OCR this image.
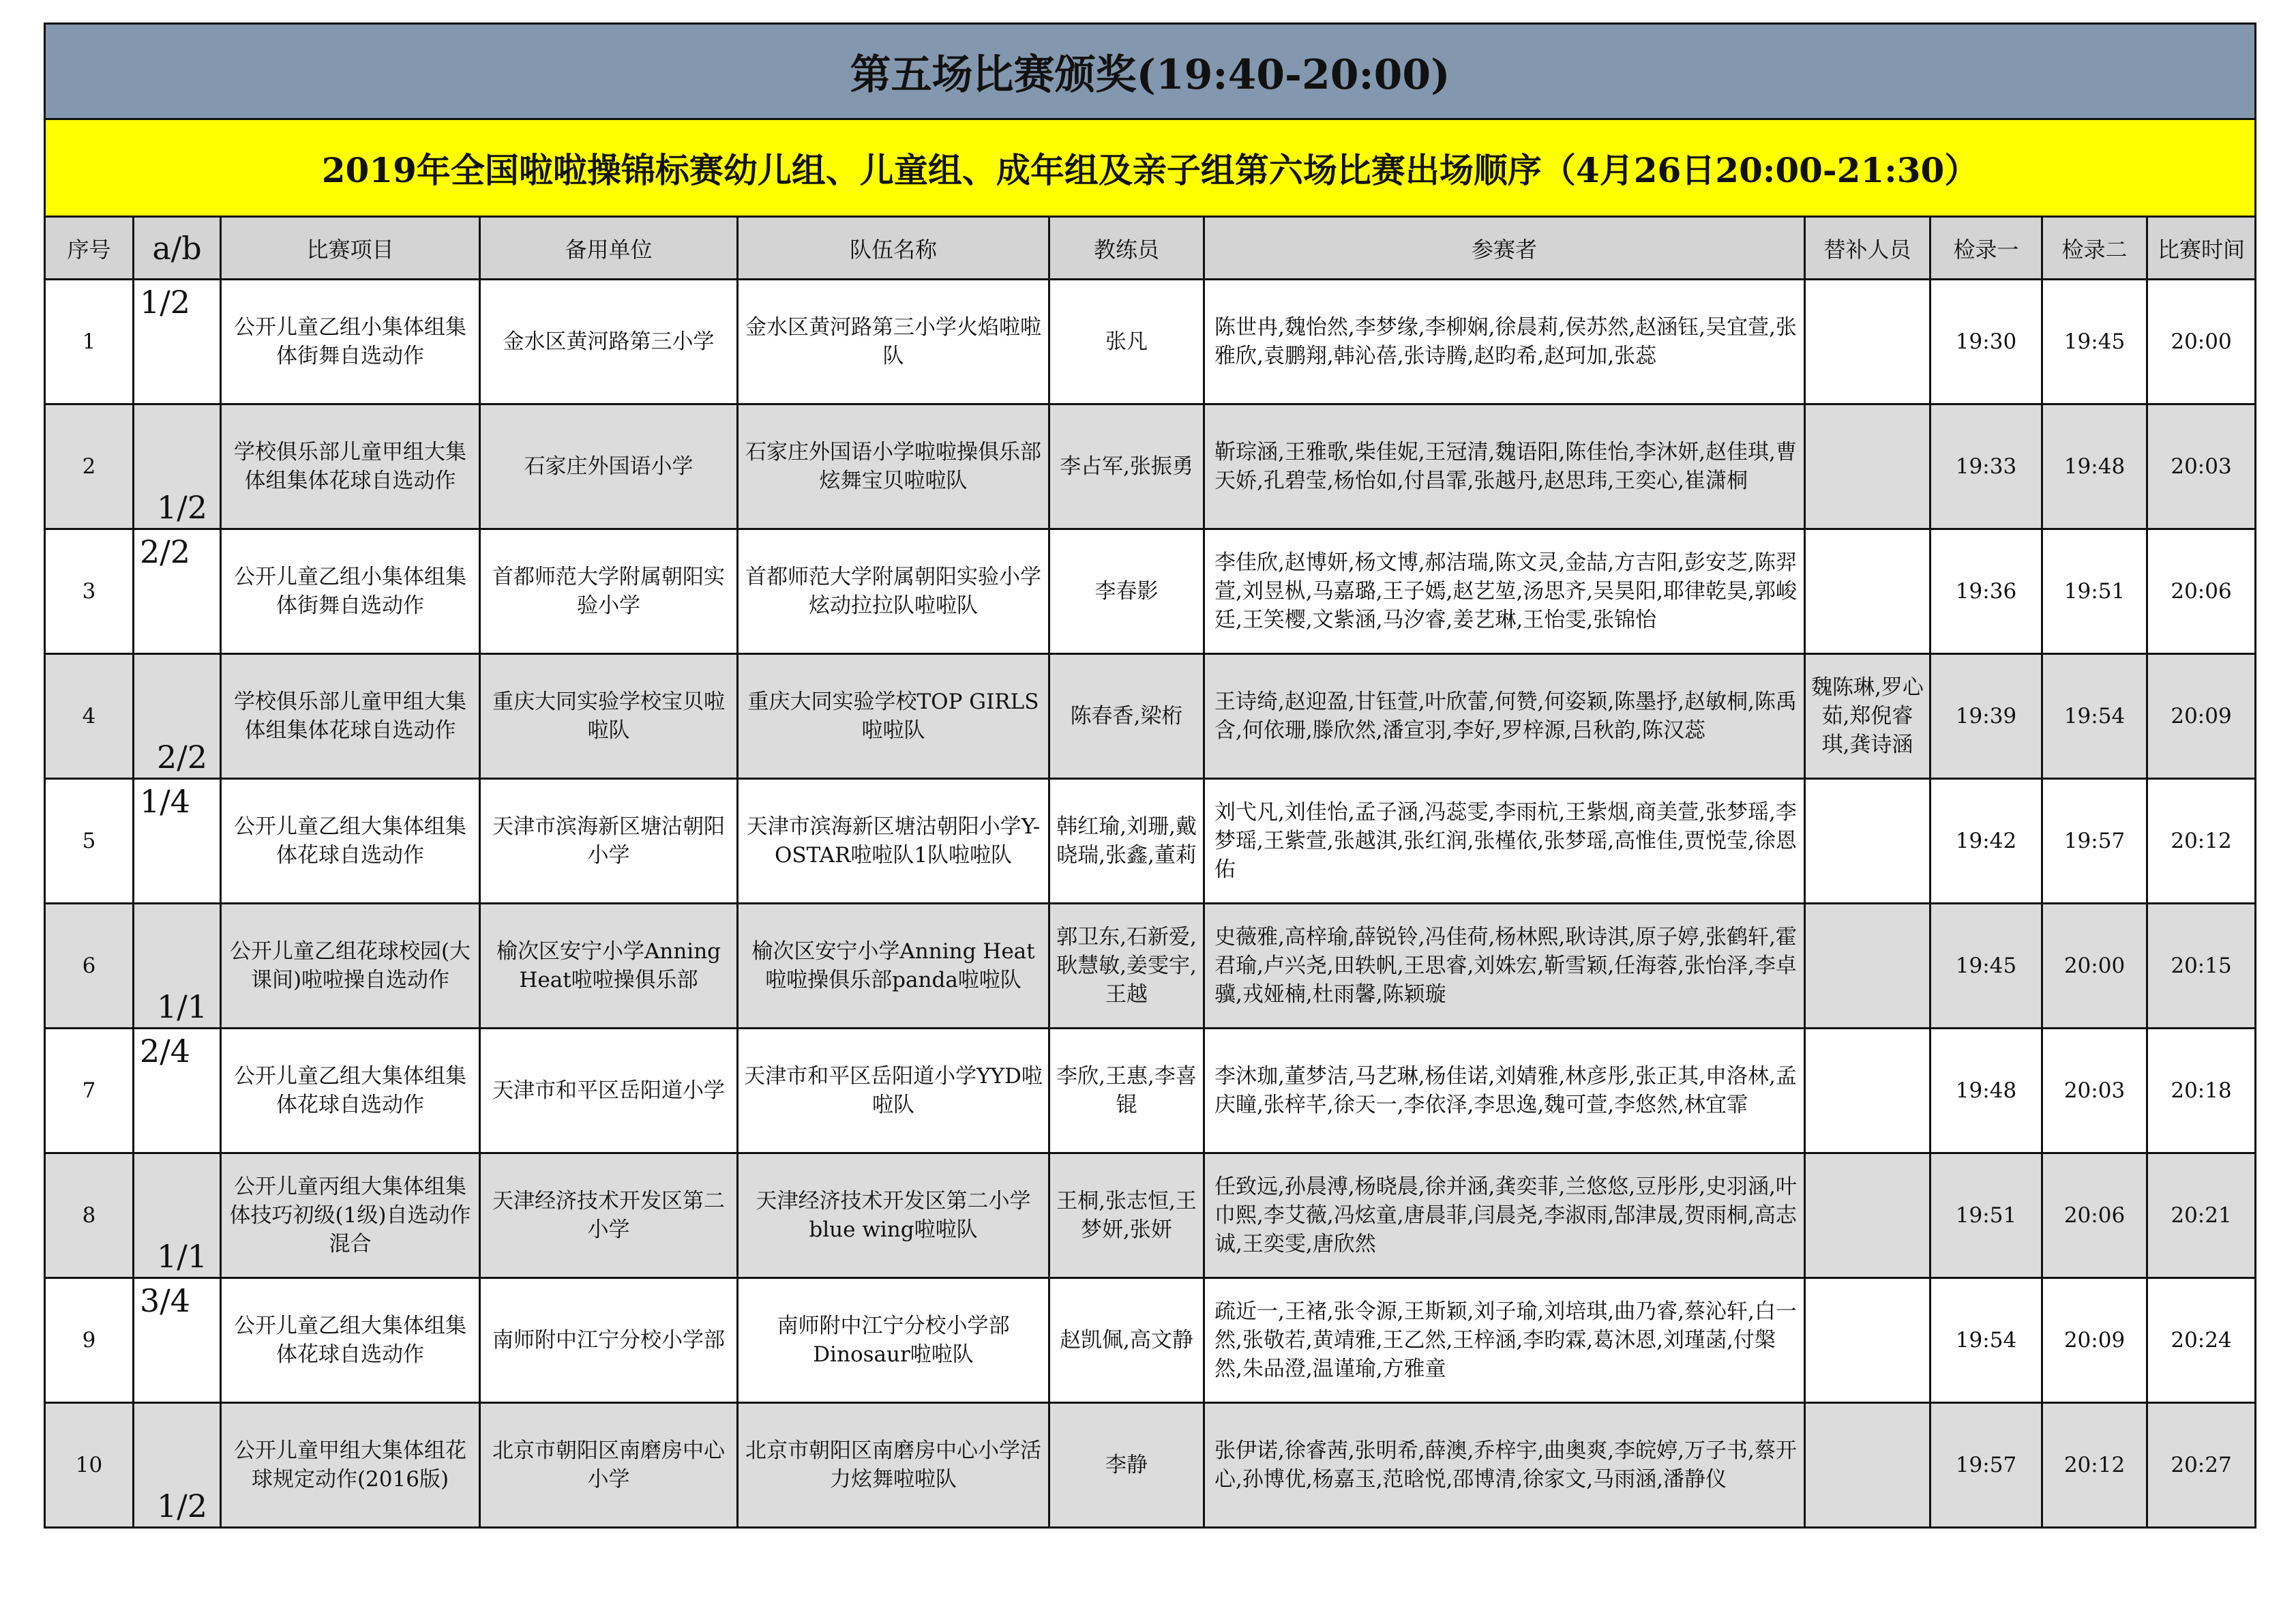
第五场比赛颁奖(19:40-20:00)										
2019年全国啦啦操锦标赛幼儿组、儿童组、成年组及亲子组第六场比赛出场顺序（4月26日20:00-21:30）										
序号	a/b	比赛项目	备用单位	队伍名称	教练员	参赛者	替补人员	检录一	检录二	比赛时间
1	1/2	公开儿童乙组小集体组集体街舞自选动作	金水区黄河路第三小学	金水区黄河路第三小学火焰啦啦队	张凡	陈世冉,魏怡然,李梦缘,李柳娴,徐晨莉,侯苏然,赵涵钰,吴宜萱,张雅欣,袁鹏翔,韩沁蓓,张诗腾,赵昀希,赵珂加,张蕊		19:30	19:45	20:00
2	1/2	学校俱乐部儿童甲组大集体组集体花球自选动作	石家庄外国语小学	石家庄外国语小学啦啦操俱乐部炫舞宝贝啦啦队	李占军,张振勇	靳琮涵,王雅歌,柴佳妮,王冠清,魏语阳,陈佳怡,李沐妍,赵佳琪,曹天娇,孔碧莹,杨怡如,付昌霏,张越丹,赵思玮,王奕心,崔潇桐		19:33	19:48	20:03
3	2/2	公开儿童乙组小集体组集体街舞自选动作	首都师范大学附属朝阳实验小学	首都师范大学附属朝阳实验小学炫动拉拉队啦啦队	李春影	李佳欣,赵博妍,杨文博,郝洁瑞,陈文灵,金喆,方吉阳,彭安芝,陈羿萱,刘昱枞,马嘉璐,王子嫣,赵艺堃,汤思齐,吴昊阳,耶律乾昊,郭峻廷,王笑樱,文紫涵,马汐睿,姜艺琳,王怡雯,张锦怡		19:36	19:51	20:06
4	2/2	学校俱乐部儿童甲组大集体组集体花球自选动作	重庆大同实验学校宝贝啦啦队	重庆大同实验学校TOP GIRLS啦啦队	陈春香,梁桁	王诗绮,赵迎盈,甘钰萱,叶欣蕾,何赞,何姿颖,陈墨抒,赵敏桐,陈禹含,何依珊,滕欣然,潘宣羽,李好,罗梓源,吕秋韵,陈汉蕊	魏陈琳,罗心茹,郑倪睿琪,龚诗涵	19:39	19:54	20:09
5	1/4	公开儿童乙组大集体组集体花球自选动作	天津市滨海新区塘沽朝阳小学	天津市滨海新区塘沽朝阳小学Y-OSTAR啦啦队1队啦啦队	韩红瑜,刘珊,戴晓瑞,张鑫,董莉	刘弋凡,刘佳怡,孟子涵,冯蕊雯,李雨杭,王紫烟,商美萱,张梦瑶,李梦瑶,王紫萱,张越淇,张红润,张槿依,张梦瑶,高惟佳,贾悦莹,徐恩佑		19:42	19:57	20:12
6	1/1	公开儿童乙组花球校园(大课间)啦啦操自选动作	榆次区安宁小学Anning Heat啦啦操俱乐部	榆次区安宁小学Anning Heat啦啦操俱乐部panda啦啦队	郭卫东,石新爱,耿慧敏,姜雯宇,王越	史薇雅,高梓瑜,薛锐铃,冯佳荷,杨林熙,耿诗淇,原子婷,张鹤轩,霍君瑜,卢兴尧,田轶帆,王思睿,刘姝宏,靳雪颖,任海蓉,张怡泽,李卓骥,戎娅楠,杜雨馨,陈颖璇		19:45	20:00	20:15
7	2/4	公开儿童乙组大集体组集体花球自选动作	天津市和平区岳阳道小学	天津市和平区岳阳道小学YYD啦啦队	李欣,王惠,李喜锟	李沐珈,董梦洁,马艺琳,杨佳诺,刘婧雅,林彦彤,张正其,申洛林,孟庆瞳,张梓芊,徐天一,李依泽,李思逸,魏可萱,李悠然,林宜霏		19:48	20:03	20:18
8	1/1	公开儿童丙组大集体组集体技巧初级(1级)自选动作混合	天津经济技术开发区第二小学	天津经济技术开发区第二小学blue wing啦啦队	王桐,张志恒,王梦妍,张妍	任致远,孙晨溥,杨晓晨,徐并涵,龚奕菲,兰悠悠,豆彤彤,史羽涵,叶巾熙,李艾薇,冯炫童,唐晨菲,闫晨尧,李淑雨,郜津晟,贺雨桐,高志诚,王奕雯,唐欣然		19:51	20:06	20:21
9	3/4	公开儿童乙组大集体组集体花球自选动作	南师附中江宁分校小学部	南师附中江宁分校小学部Dinosaur啦啦队	赵凯佩,高文静	疏近一,王褚,张令源,王斯颖,刘子瑜,刘培琪,曲乃睿,蔡沁轩,白一然,张敬若,黄靖雅,王乙然,王梓涵,李昀霖,葛沐恩,刘瑾菡,付槃然,朱品澄,温谨瑜,方雅童		19:54	20:09	20:24
10	1/2	公开儿童甲组大集体组花球规定动作(2016版)	北京市朝阳区南磨房中心小学	北京市朝阳区南磨房中心小学活力炫舞啦啦队	李静	张伊诺,徐睿茜,张明希,薛澳,乔梓宇,曲奥爽,李皖婷,万子书,蔡开心,孙博优,杨嘉玉,范晗悦,邵博清,徐家文,马雨涵,潘静仪		19:57	20:12	20:27
